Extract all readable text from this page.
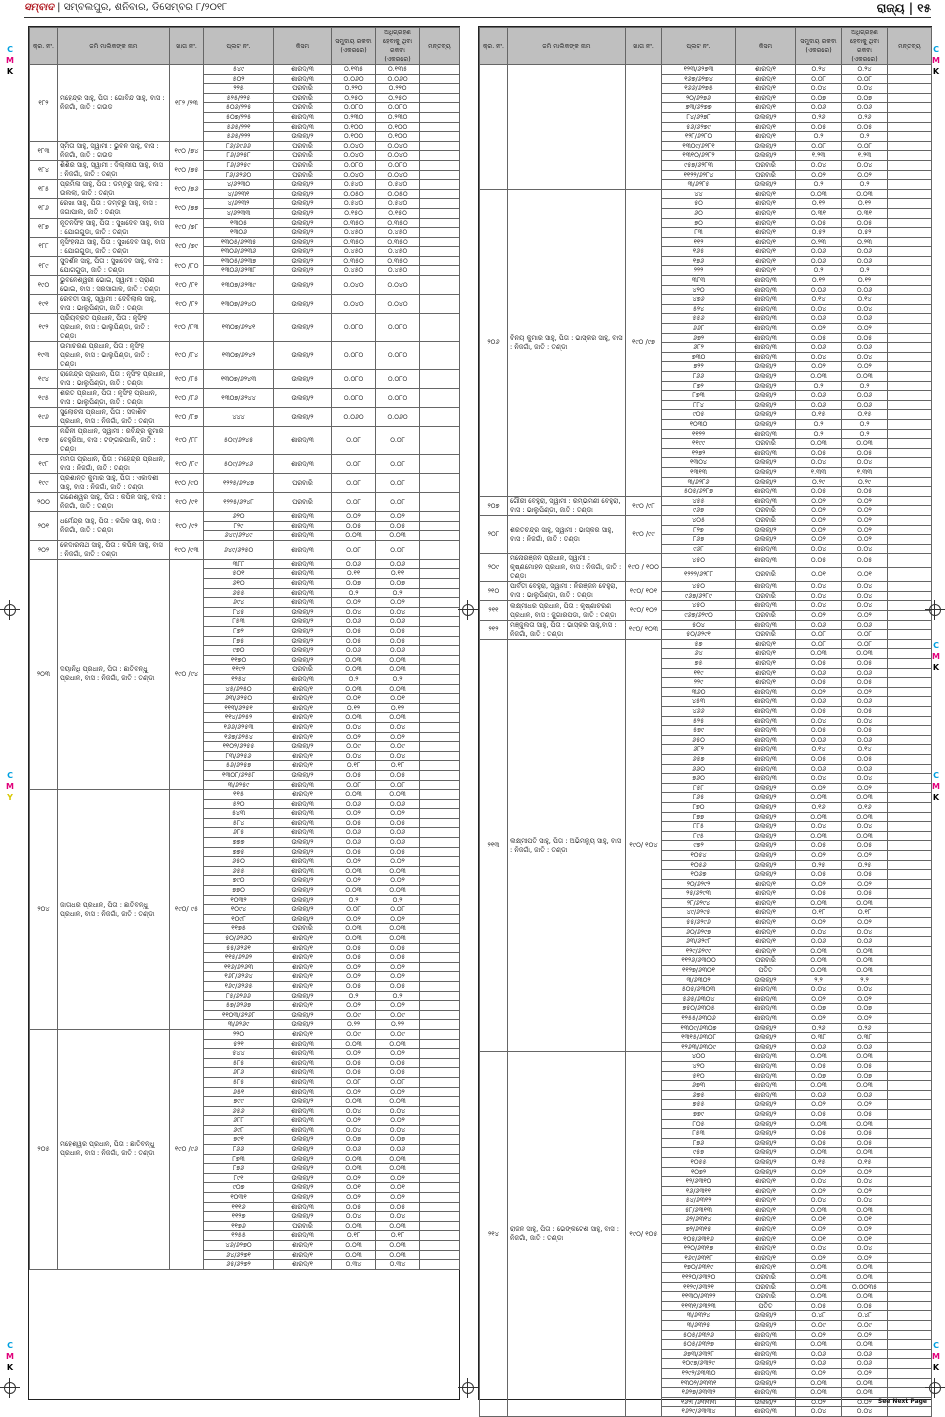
ସମ୍ବାଦ | ସମ୍ବଲପୁର, ଶନିବାର, ଡିସେମ୍ବର ୮/୨୦୧୮	ରାଜ୍ୟ | ୧୫
କ୍ର. ନଂ.	ଜମି ମାଲିକଙ୍କ ନାମ	ଖାତା ନଂ.	ପ୍ଲଟ ନଂ.	କିସମ	ସମୁଦାୟ ରକବା (ଏକରରେ)	ଅଧିଗ୍ରହଣ ହେବାକୁ ଥିବା ରକବା (ଏକରରେ)	ମନ୍ତବ୍ୟ
୧୮୨	ମହେନ୍ଦ୍ର ସାହୁ, ପିତା : ଗୋବିନ୍ଦ ସାହୁ, ବାସ : ନିଜଗାଁ, ଜାତି : ଗଉଡ	୧୮୨ /୨୩	୫୪୯	ଶାରଦ/୩	୦.୧୩୫	୦.୧୩୫	
			୫୦୨	ଶାରଦ/୩	୦.୦୬୦	୦.୦୬୦	
			୨୨୫	ଘରବାରି	୦.୨୨୦	୦.୨୨୦	
			୫୨୫/୨୨୫	ଘରବାରି	୦.୨୫୦	୦.୨୫୦	
			୫୦୬/୨୨୫	ଘରବାରି	୦.୦୮୦	୦.୦୮୦	
			୫୦୭/୨୨୫	ଶାରଦ/୩	୦.୨୩୦	୦.୨୩୦	
			୫୬୫/୨୨୧	ଶାରଦ/୩	୦.୧୦୦	୦.୧୦୦	
			୫୬୫/୨୨୨	ଉଲଲା/୨	୦.୧୦୦	୦.୧୦୦	
୧୮୩	ସ୍ମିତା ସାହୁ, ସ୍ୱାମୀ : ଭୁବନ ସାହୁ, ବାସ : ନିଜଗାଁ, ଜାତି : ଗଉଡ	୧୯୦ /୭୪	୮୬/୬୯୬୬	ଘରବାରି	୦.୦୪୦	୦.୦୪୦	
			୮୬/୬୨୫୮	ଘରବାରି	୦.୦୪୦	୦.୦୪୦	
୧୮୪	ଶିଶିର ସାହୁ, ସ୍ୱାମୀ : ଦିଲ୍ଲୀପ ସାହୁ, ବାସ : ନିଜଗାଁ, ଜାତି : ତଣ୍ଡା	୧୯୦ /୭୫	୮୬/୬୨୫୯	ଘରବାରି	୦.୦୮୦	୦.୦୮୦	
			୮୬/୬୨୬୦	ଘରବାରି	୦.୦୪୦	୦.୦୪୦	
୧୮୫	ପ୍ରମିଳା ସାହୁ, ପିତା : ଡମ୍ବରୁ ସାହୁ, ବାସ : ଉଲଲା, ଜାତି : ତଣ୍ଡା	୧୯୦ /୭୬	୪/୬୨୩୦	ଉଲଲା/୨	୦.୫୪୦	୦.୫୪୦	
			୪/୬୨୩୧	ଉଲଲା/୨	୦.୦୫୦	୦.୦୫୦	
୧୮୬	ରେଖା ସାହୁ, ପିତା : ଡମ୍ବରୁ ସାହୁ, ବାସ : ଜଗାପାଲ, ଜାତି : ତଣ୍ଡା	୧୯୦ /୭୭	୪/୬୨୩୨	ଉଲଲା/୨	୦.୫୪୦	୦.୫୪୦	
			୪/୬୨୩୩	ଉଲଲା/୨	୦.୧୫୦	୦.୧୫୦	
୧୮୭	ନୂତନସିଂହ ସାହୁ, ପିତା : ସୁଖଦେବ ସାହୁ, ବାସ : ଯୋଗଗୁଡା, ଜାତି : ତଣ୍ଡା	୧୯୦ /୭୮	୧୩୦୫	ଉଲଲା/୨	୦.୩୫୦	୦.୩୫୦	
			୧୩୦୬	ଉଲଲା/୨	୦.୪୫୦	୦.୪୫୦	
୧୮୮	ନୃସିଂହନାଥ ସାହୁ, ପିତା : ସୁଖଦେବ ସାହୁ, ବାସ : ଯୋଗଗୁଡା, ଜାତି : ତଣ୍ଡା	୧୯୦ /୭୯	୧୩୦୫/୬୨୩୫	ଉଲଲା/୨	୦.୩୫୦	୦.୩୫୦	
			୧୩୦୬/୬୨୩୬	ଉଲଲା/୨	୦.୪୫୦	୦.୪୫୦	
୧୮୯	ସୁଦର୍ଶନ ସାହୁ, ପିତା : ସୁଖଦେବ ସାହୁ, ବାସ : ଯୋଗଗୁଡା, ଜାତି : ତଣ୍ଡା	୧୯୦ /୮୦	୧୩୦୫/୬୨୩୭	ଉଲଲା/୨	୦.୩୫୦	୦.୩୫୦	
			୧୩୦୬/୬୨୩୮	ଉଲଲା/୨	୦.୪୫୦	୦.୪୫୦	
୧୯୦	ଭୁବନେଶ୍ୱରୀ ଭୋଇ, ସ୍ୱାମୀ : ପ୍ରାଣ ଭୋଇ, ବାସ : ସରସାଗାଳ, ଜାତି : ତଣ୍ଡା	୧୯୦ /୮୧	୧୩୦୭/୬୨୩୯	ଉଲଲା/୨	୦.୦୪୦	୦.୦୪୦	
୧୯୧	ରେବତୀ ସାହୁ, ସ୍ୱାମୀ : ଦେବିଲାଲ ସାହୁ, ବାସ : ଭାଲୁପିଣ୍ଡା, ଜାତି : ତଣ୍ଡା	୧୯୦ /୮୨	୧୩୦୭/୬୨୪୦	ଉଲଲା/୨	୦.୦୪୦	୦.୦୪୦	
୧୯୨	ପ୍ରିୟବ୍ରତ ପ୍ରଧାନ, ପିତା : ନୃସିଂହ ପ୍ରଧାନ, ବାସ : ଭାଲୁପିଣ୍ଡା, ଜାତି : ତଣ୍ଡା	୧୯୦ /୮୩	୧୩୦୭/୬୨୪୧	ଉଲଲା/୨	୦.୦୮୦	୦.୦୮୦	
୧୯୩	ଉମାଚରଣ ପ୍ରଧାନ, ପିତା : ନୃସିଂହ ପ୍ରଧାନ, ବାସ : ଭାଲୁପିଣ୍ଡା, ଜାତି : ତଣ୍ଡା	୧୯୦ /୮୪	୧୩୦୭/୬୨୪୨	ଉଲଲା/୨	୦.୦୮୦	୦.୦୮୦	
୧୯୪	ରାଜେନ୍ଦ୍ର ପ୍ରଧାନ, ପିତା : ନୃସିଂହ ପ୍ରଧାନ, ବାସ : ଭାଲୁପିଣ୍ଡା, ଜାତି : ତଣ୍ଡା	୧୯୦ /୮୫	୧୩୦୭/୬୨୪୩	ଉଲଲା/୨	୦.୦୮୦	୦.୦୮୦	
୧୯୫	ଶରତ ପ୍ରଧାନ, ପିତା : ନୃସିଂହ ପ୍ରଧାନ, ବାସ : ଭାଲୁପିଣ୍ଡା, ଜାତି : ତଣ୍ଡା	୧୯୦ /୮୬	୧୩୦୭/୬୨୪୪	ଉଲଲା/୨	୦.୦୮୦	୦.୦୮୦	
୧୯୬	ସୁଲୋଚନା ପ୍ରଧାନ, ପିତା : ସଦାଶିବ ପ୍ରଧାନ, ବାସ : ନିଜଗାଁ, ଜାତି : ତଣ୍ଡା	୧୯୦ /୮୭	୪୪୪	ଉଲଲା/୨	୦.୦୬୦	୦.୦୬୦	
୧୯୭	ନନ୍ଦିନୀ ପ୍ରଧାନ, ସ୍ୱାମୀ : ରବିନ୍ଦ୍ର କୁମାର ବେହୁରିଆ, ବାସ : ଟଙ୍ଗରପାଲି, ଜାତି : ତଣ୍ଡା	୧୯୦ /୮୮	୫୦୯/୬୨୪୫	ଶାରଦ/୩	୦.୦୮	୦.୦୮	
୧୯୮	ମମତା ପ୍ରଧାନ, ପିତା : ମହେନ୍ଦ୍ର ପ୍ରଧାନ, ବାସ : ନିଜଗାଁ, ଜାତି : ତଣ୍ଡା	୧୯୦ /୮୯	୫୦୯/୬୨୪୬	ଶାରଦ/୩	୦.୦୮	୦.୦୮	
୧୯୯	ପ୍ରଶାନ୍ତ କୁମାର ସାହୁ, ପିତା : ଏକାଦଶୀ ସାହୁ, ବାସ : ନିଜଗାଁ, ଜାତି : ତଣ୍ଡା	୧୯୦ /୯୦	୧୨୨୫/୬୨୪୭	ଘରବାରି	୦.୦୮	୦.୦୮	
୨୦୦	ଗଣେଶ୍ୱର ସାହୁ, ପିତା : କପିଳ ସାହୁ, ବାସ : ନିଜଗାଁ, ଜାତି : ତଣ୍ଡା	୧୯୦ /୯୧	୧୨୨୫/୬୨୪୮	ଘରବାରି	୦.୦୮	୦.୦୮	
୨୦୧	ଧର୍ମେନ୍ଦ୍ର ସାହୁ, ପିତା : କପିଳ ସାହୁ, ବାସ : ନିଜଗାଁ, ଜାତି : ତଣ୍ଡା	୧୯୦ /୯୨	୬୨୦	ଶାରଦ/୩	୦.୦୨	୦.୦୨	
			୮୨୯	ଶାରଦ/୩	୦.୦୫	୦.୦୫	
			୬୪୯/୬୨୪୯	ଶାରଦ/୩	୦.୦୩	୦.୦୩	
୨୦୨	କେଦାରନାଥ ସାହୁ, ପିତା : କପିଳ ସାହୁ, ବାସ : ନିଜଗାଁ, ଜାତି : ତଣ୍ଡା	୧୯୦ /୯୩	୬୪୯/୬୨୫୦	ଶାରଦ/୩	୦.୦୮	୦.୦୮	
୨୦୩	ଦୟାନିଧି ପ୍ରଧାନ, ପିତା : ଛାତିବନ୍ଧୁ ପ୍ରଧାନ, ବାସ : ନିଜଗାଁ, ଜାତି : ତଣ୍ଡା	୧୯୦ /୯୪	୩୮୮	ଶାରଦ/୩	୦.୦୬	୦.୦୬	
			୫୦୧	ଶାରଦ/୩	୦.୧୧	୦.୧୧	
			୬୧୦	ଶାରଦ/୩	୦.୦୭	୦.୦୭	
			୬୫୫	ଶାରଦ/୩	୦.୨	୦.୨	
			୬୯୪	ଶାରଦ/୩	୦.୦୨	୦.୦୨	
			୮୪୫	ଉଲଲା/୨	୦.୦୪	୦.୦୪	
			୮୫୩	ଉଲଲା/୨	୦.୦୬	୦.୦୬	
			୮୭୨	ଉଲଲା/୨	୦.୦୫	୦.୦୫	
			୮୭୫	ଉଲଲା/୨	୦.୦୫	୦.୦୫	
			୯୭୦	ଉଲଲା/୨	୦.୦୬	୦.୦୬	
			୧୧୭୦	ଉଲଲା/୨	୦.୦୩	୦.୦୩	
			୧୧୯୨	ଘରବାରି	୦.୦୩	୦.୦୩	
			୧୨୫୪	ଶାରଦ/୩	୦.୨	୦.୨	
			୪୫/୬୨୫୦	ଶାରଦ/୧	୦.୦୩	୦.୦୩	
			୬୩/୬୨୫୦	ଶାରଦ/୧	୦.୦୧	୦.୦୧	
			୧୧୩/୬୨୫୧	ଶାରଦ/୧	୦.୧୨	୦.୧୨	
			୧୧୪/୬୨୫୨	ଶାରଦ/୧	୦.୦୩	୦.୦୩	
			୧୬୬/୬୨୫୩	ଶାରଦ/୧	୦.୦୪	୦.୦୪	
			୧୬୭/୬୨୫୪	ଶାରଦ/୧	୦.୦୨	୦.୦୨	
			୧୧୦୨/୬୨୫୫	ଉଲଲା/୨	୦.୦୯	୦.୦୯	
			୮୩/୬୨୫୬	ଶାରଦ/୧	୦.୦୪	୦.୦୪	
			୫୬/୬୨୫୭	ଶାରଦ/୧	୦.୧୮	୦.୧୮	
			୧୩୦୮/୬୨୫୮	ଉଲଲା/୨	୦.୦୫	୦.୦୫	
			୩/୬୨୫୯	ଶାରଦ/୩	୦.୦୮	୦.୦୮	
୨୦୪	ଜାତାଧର ପ୍ରଧାନ, ପିତା : ଛାତିବନ୍ଧୁ ପ୍ରଧାନ, ବାସ : ନିଜଗାଁ, ଜାତି : ତଣ୍ଡା	୧୯୦/ ୯୫	୧୧୫	ଶାରଦ/୧	୦.୦୩	୦.୦୩	
			୫୨୦	ଶାରଦ/୩	୦.୦୬	୦.୦୬	
			୫୪୩	ଶାରଦ/୩	୦.୦୨	୦.୦୨	
			୫୮୪	ଶାରଦ/୩	୦.୦୫	୦.୦୫	
			୬୮୫	ଶାରଦ/୩	୦.୦୬	୦.୦୬	
			୭୭୭	ଉଲଲା/୨	୦.୦୬	୦.୦୬	
			୭୭୫	ଉଲଲା/୨	୦.୦୫	୦.୦୫	
			୬୫୦	ଶାରଦ/୩	୦.୦୨	୦.୦୨	
			୬୫୫	ଶାରଦ/୩	୦.୦୩	୦.୦୩	
			୭୯୦	ଉଲଲା/୨	୦.୦୨	୦.୦୨	
			୭୭୦	ଉଲଲା/୨	୦.୦୩	୦.୦୩	
			୧୦୩୨	ଉଲଲା/୨	୦.୨	୦.୨	
			୧୦୯୪	ଉଲଲା/୨	୦.୦୮	୦.୦୮	
			୧୦୯୮	ଉଲଲା/୨	୦.୦୨	୦.୦୨	
			୧୧୭୫	ଘରବାରି	୦.୦୩	୦.୦୩	
			୫୦/୬୨୬୦	ଶାରଦ/୧	୦.୦୩	୦.୦୩	
			୫୫/୬୨୬୧	ଶାରଦ/୧	୦.୦୫	୦.୦୫	
			୧୧୫/୬୨୬୨	ଶାରଦ/୧	୦.୦୫	୦.୦୫	
			୧୧୬/୬୨୬୩	ଶାରଦ/୧	୦.୦୨	୦.୦୨	
			୧୬୮/୬୨୬୪	ଶାରଦ/୧	୦.୦୨	୦.୦୨	
			୧୬୯/୬୨୬୫	ଶାରଦ/୧	୦.୦୫	୦.୦୫	
			୮୫/୬୨୬୬	ଉଲଲା/୨	୦.୨	୦.୨	
			୫୭/୬୨୬୭	ଶାରଦ/୧	୦.୦୨	୦.୦୨	
			୧୧୦୩/୬୨୬୮	ଉଲଲା/୨	୦.୦୯	୦.୦୯	
			୩/୬୨୬୯	ଉଲଲା/୨	୦.୨୨	୦.୨୨	
୨୦୫	ମହେଶ୍ୱର ପ୍ରଧାନ, ପିତା : ଛାତିବନ୍ଧୁ ପ୍ରଧାନ, ବାସ : ନିଜଗାଁ, ଜାତି : ତଣ୍ଡା	୧୯୦ /୯୬	୨୨୦	ଶାରଦ/୧	୦.୦୯	୦.୦୯	
			୫୨୧	ଶାରଦ/୩	୦.୦୩	୦.୦୩	
			୫୪୪	ଶାରଦ/୩	୦.୦୨	୦.୦୨	
			୫୮୫	ଶାରଦ/୩	୦.୦୫	୦.୦୫	
			୬୮୬	ଶାରଦ/୩	୦.୦୫	୦.୦୫	
			୫୮୫	ଶାରଦ/୩	୦.୦୮	୦.୦୮	
			୬୫୧	ଶାରଦ/୩	୦.୦୨	୦.୦୨	
			୭୯୯	ଉଲଲା/୨	୦.୦୩	୦.୦୩	
			୬୫୬	ଶାରଦ/୩	୦.୦୪	୦.୦୪	
			୬୮୮	ଶାରଦ/୩	୦.୦୨	୦.୦୨	
			୬୯୮	ଶାରଦ/୩	୦.୦୪	୦.୦୪	
			୭୯୧	ଉଲଲା/୨	୦.୦୭	୦.୦୭	
			୮୬୬	ଉଲଲା/୨	୦.୦୬	୦.୦୬	
			୮୭୩	ଉଲଲା/୨	୦.୦୩	୦.୦୩	
			୮୭୬	ଉଲଲା/୨	୦.୦୩	୦.୦୩	
			୮୯୧	ଉଲଲା/୨	୦.୦୨	୦.୦୨	
			୯୦୭	ଉଲଲା/୨	୦.୦୧	୦.୦୧	
			୧୦୩୧	ଉଲଲା/୨	୦.୦୨	୦.୦୨	
			୧୧୧୬	ଶାରଦ/୩	୦.୦୫	୦.୦୫	
			୧୧୨୭	ଉଲଲା/୨	୦.୦୪	୦.୦୪	
			୧୧୭୬	ଘରବାରି	୦.୦୩	୦.୦୩	
			୧୨୫୫	ଶାରଦ/୩	୦.୧୮	୦.୧୮	
			୪୬/୬୨୭୦	ଶାରଦ/୧	୦.୦୩	୦.୦୩	
			୬୪/୬୨୭୧	ଶାରଦ/୧	୦.୦୩	୦.୦୩	
			୬୫/୬୨୭୨	ଶାରଦ/୧	୦.୩୪	୦.୩୪	
କ୍ର. ନଂ.	ଜମି ମାଲିକଙ୍କ ନାମ	ଖାତା ନଂ.	ପ୍ଲଟ ନଂ.	କିସମ	ସମୁଦାୟ ରକବା (ଏକରରେ)	ଅଧିଗ୍ରହଣ ହେବାକୁ ଥିବା ରକବା (ଏକରରେ)	ମନ୍ତବ୍ୟ
			୧୨୩/୬୨୭୩	ଶାରଦ/୧	୦.୨୪	୦.୨୪	
			୧୬୭/୬୨୭୪	ଶାରଦ/୧	୦.୦୮	୦.୦୮	
			୧୬୬/୬୨୭୫	ଶାରଦ/୧	୦.୦୪	୦.୦୪	
			୨୦/୬୨୭୬	ଶାରଦ/୧	୦.୦୭	୦.୦୭	
			୭୩/୬୨୭୭	ଶାରଦ/୧	୦.୦୬	୦.୦୬	
			୮୪/୬୨୭୮	ଉଲଲା/୨	୦.୨୬	୦.୨୬	
			୫୬/୬୨୭୯	ଶାରଦ/୧	୦.୦୫	୦.୦୫	
			୧୨୮/୬୨୮୦	ଶାରଦ/୧	୦.୨	୦.୨	
			୧୩୦୯/୬୨୮୧	ଉଲଲା/୨	୦.୦୮	୦.୦୮	
			୧୩୧୦/୬୨୮୨	ଉଲଲା/୨	୧.୨୩	୧.୨୩	
			୯୫୭/୬୨୮୩	ଘରବାରି	୦.୦୪	୦.୦୪	
			୧୧୨୨/୬୨୮୪	ଘରବାରି	୦.୦୨	୦.୦୨	
			୩/୬୨୮୫	ଉଲଲା/୨	୦.୨	୦.୨	
୨୦୬	ବିନୟ କୁମାର ସାହୁ, ପିତା : ଭାସ୍କର ସାହୁ, ବାସ : ନିଜଗାଁ, ଜାତି : ତଣ୍ଡା	୧୯୦ /୯୭	୪୪	ଶାରଦ/୧	୦.୦୩	୦.୦୩	
			୫୦	ଶାରଦ/୧	୦.୧୨	୦.୧୨	
			୬୦	ଶାରଦ/୧	୦.୩୧	୦.୩୧	
			୭୦	ଶାରଦ/୧	୦.୦୫	୦.୦୫	
			୮୩	ଶାରଦ/୧	୦.୫୨	୦.୫୨	
			୧୧୨	ଶାରଦ/୧	୦.୨୩	୦.୨୩	
			୧୬୫	ଶାରଦ/୧	୦.୦୬	୦.୦୬	
			୧୭୬	ଶାରଦ/୧	୦.୦୬	୦.୦୬	
			୨୨୨	ଶାରଦ/୧	୦.୨	୦.୨	
			୩୮୩	ଶାରଦ/୩	୦.୧୨	୦.୧୨	
			୪୨୦	ଶାରଦ/୩	୦.୦୬	୦.୦୬	
			୪୭୬	ଶାରଦ/୩	୦.୧୪	୦.୧୪	
			୫୨୪	ଶାରଦ/୩	୦.୦୪	୦.୦୪	
			୫୫୬	ଶାରଦ/୩	୦.୦୬	୦.୦୬	
			୬୬୮	ଶାରଦ/୩	୦.୦୨	୦.୦୨	
			୬୭୨	ଶାରଦ/୩	୦.୦୫	୦.୦୫	
			୬୮୨	ଶାରଦ/୩	୦.୦୬	୦.୦୬	
			୭୩୦	ଶାରଦ/୩	୦.୦୪	୦.୦୪	
			୭୨୨	ଉଲଲା/୨	୦.୦୨	୦.୦୨	
			୮୬୬	ଉଲଲା/୨	୦.୦୩	୦.୦୩	
			୮୭୨	ଉଲଲା/୨	୦.୨	୦.୨	
			୮୭୩	ଉଲଲା/୨	୦.୦୬	୦.୦୬	
			୮୮୪	ଉଲଲା/୨	୦.୦୬	୦.୦୬	
			୯୦୫	ଉଲଲା/୨	୦.୧୫	୦.୧୫	
			୧୦୩୦	ଉଲଲା/୨	୦.୨	୦.୨	
			୧୧୨୨	ଶାରଦ/୩	୦.୨	୦.୨	
			୧୧୯୯	ଘରବାରି	୦.୦୩	୦.୦୩	
			୧୨୭୨	ଶାରଦ/୩	୦.୦୫	୦.୦୫	
			୧୩୦୪	ଉଲଲା/୨	୦.୦୪	୦.୦୪	
			୧୩୧୩	ଉଲଲା/୨	୧.୩୩	୧.୩୩	
			୩/୬୨୮୬	ଉଲଲା/୨	୦.୨୯	୦.୨୯	
			୫୦୫/୬୨୮୭	ଶାରଦ/୩	୦.୦୫	୦.୦୫	
୨୦୭	ଗୌରୀ ବେହୁରା, ସ୍ୱାମୀ : ରମ୍ଭମଣୀ ବେହୁରା, ବାସ : ଭାଲୁପିଣ୍ଡା, ଜାତି : ତଣ୍ଡା	୧୯୦ /୯୮	୪୫୫	ଶାରଦ/୩	୦.୦୨	୦.୦୨	
			୯୬୭	ଘରବାରି	୦.୦୨	୦.୦୨	
୨୦୮	ଶରତଚନ୍ଦ୍ର ସାହୁ, ସ୍ୱାମୀ : ଭାସ୍କର ସାହୁ, ବାସ : ନିଜଗାଁ, ଜାତି : ତଣ୍ଡା	୧୯୦ /୯୯	୪୦୫	ଘରବାରି	୦.୦୨	୦.୦୨	
			୮୨୭	ଉଲଲା/୨	୦.୦୨	୦.୦୨	
			୮୬୭	ଉଲଲା/୨	୦.୦୨	୦.୦୨	
			୯୬୮	ଶାରଦ/୩	୦.୦୪	୦.୦୪	
୨୦୯	ମନୋରଞ୍ଜନ ପ୍ରଧାନ, ସ୍ୱାମୀ : କୃଷ୍ଣମୋହନ ପ୍ରଧାନ, ବାସ : ନିଜଗାଁ, ଜାତି : ତଣ୍ଡା	୧୯୦ / ୧୦୦	୪୫୦	ଶାରଦ/୩	୦.୦୫	୦.୦୫	
			୧୨୨୨/୬୨୮୮	ଘରବାରି	୦.୦୧	୦.୦୧	
୨୧୦	ପାର୍ବତୀ ବେହୁରା, ସ୍ୱାମୀ : ନିରଞ୍ଜନ ବେହୁରା, ବାସ : ଭାଲୁପିଣ୍ଡା, ଜାତି : ତଣ୍ଡା	୧୯୦/ ୧୦୧	୪୫୦	ଶାରଦ/୩	୦.୦୪	୦.୦୪	
			୯୬୭/୬୨୮୯	ଘରବାରି	୦.୦୪	୦.୦୪	
୨୧୧	ଲକ୍ଷ୍ମୀଧର ପ୍ରଧାନ, ପିତା : କୃଷ୍ଣାଚରଣ ପ୍ରଧାନ, ବାସ : ଜୁଗାରପଡା, ଜାତି : ତଣ୍ଡା	୧୯୦/ ୧୦୨	୪୫୦	ଶାରଦ/୩	୦.୦୪	୦.୦୪	
			୯୬୭/୬୨୯୦	ଘରବାରି	୦.୦୨	୦.୦୨	
୨୧୨	ମଞ୍ଜୁଲତା ସାହୁ, ପିତା : ଭାସ୍କର ସାହୁ,ବାସ : ନିଜଗାଁ, ଜାତି : ତଣ୍ଡା	୧୯୦/ ୧୦୩	୫୦୪	ଶାରଦ/୩	୦.୦୬	୦.୦୬	
			୫୦/୬୨୯୧	ଘରବାରି	୦.୦୮	୦.୦୮	
୨୧୩	ଲକ୍ଷ୍ମୀପତି ସାହୁ, ପିତା : ଅଭିମନ୍ୟୁ ସାହୁ, ବାସ : ନିଜଗାଁ, ଜାତି : ତଣ୍ଡା	୧୯୦/ ୧୦୪	୫୭	ଶାରଦ/୧	୦.୦୮	୦.୦୮	
			୬୪	ଶାରଦ/୧	୦.୦୩	୦.୦୩	
			୭୫	ଶାରଦ/୧	୦.୦୫	୦.୦୫	
			୧୧୯	ଶାରଦ/୧	୦.୦୬	୦.୦୬	
			୨୨୯	ଶାରଦ/୧	୦.୦୫	୦.୦୫	
			୩୬୦	ଶାରଦ/୩	୦.୦୨	୦.୦୨	
			୪୫୩	ଶାରଦ/୩	୦.୦୬	୦.୦୬	
			୪୬୬	ଶାରଦ/୩	୦.୦୫	୦.୦୫	
			୫୨୫	ଶାରଦ/୩	୦.୦୪	୦.୦୪	
			୫୭୯	ଶାରଦ/୩	୦.୦୫	୦.୦୫	
			୬୫୦	ଶାରଦ/୩	୦.୦୬	୦.୦୬	
			୬୮୨	ଶାରଦ/୩	୦.୧୪	୦.୧୪	
			୬୫୭	ଶାରଦ/୩	୦.୦୫	୦.୦୫	
			୬୬୦	ଶାରଦ/୩	୦.୦୬	୦.୦୬	
			୭୬୦	ଶାରଦ/୩	୦.୦୪	୦.୦୪	
			୮୫୮	ଉଲଲା/୨	୦.୦୨	୦.୦୨	
			୮୬୫	ଉଲଲା/୨	୦.୦୩	୦.୦୩	
			୮୭୦	ଉଲଲା/୨	୦.୧୬	୦.୧୬	
			୮୭୭	ଉଲଲା/୨	୦.୦୩	୦.୦୩	
			୮୮୫	ଉଲଲା/୨	୦.୦୪	୦.୦୪	
			୮୯୫	ଉଲଲା/୨	୦.୦୩	୦.୦୩	
			୯୭୨	ଉଲଲା/୨	୦.୦୫	୦.୦୫	
			୧୦୫୪	ଉଲଲା/୨	୦.୦୨	୦.୦୨	
			୧୦୫୬	ଉଲଲା/୨	୦.୨୫	୦.୨୫	
			୧୦୬୭	ଉଲଲା/୨	୦.୦୫	୦.୦୫	
			୨୦/୬୨୯୨	ଶାରଦ/୧	୦.୦୨	୦.୦୨	
			୨୫/୬୨୯୩	ଶାରଦ/୧	୦.୦୫	୦.୦୫	
			୨୮/୬୨୯୪	ଶାରଦ/୧	୦.୦୩	୦.୦୩	
			୪୯/୬୨୯୫	ଶାରଦ/୧	୦.୧୮	୦.୧୮	
			୫୫/୬୨୯୬	ଶାରଦ/୧	୦.୦୨	୦.୦୨	
			୬୦/୬୨୯୭	ଶାରଦ/୧	୦.୦୪	୦.୦୪	
			୬୩/୬୨୯୮	ଶାରଦ/୧	୦.୦୬	୦.୦୬	
			୧୨୯/୬୨୯୯	ଶାରଦ/୧	୦.୦୩	୦.୦୩	
			୧୧୨୬/୬୩୦୦	ଘରବାରି	୦.୦୩	୦.୦୩	
			୧୧୨୭/୬୩୦୧	ପତିତ	୦.୦୩	୦.୦୩	
			୩/୬୩୦୨	ଉଲଲା/୨	୨.୨	୨.୨	
			୫୦୫/୬୩୦୩	ଶାରଦ/୩	୦.୦୪	୦.୦୪	
			୫୬୫/୬୩୦୪	ଶାରଦ/୩	୦.୦୨	୦.୦୨	
			୭୫୦/୬୩୦୫	ଶାରଦ/୩	୦.୦୭	୦.୦୭	
			୧୨୫୫/୬୩୦୬	ଶାରଦ/୩	୦.୦୨	୦.୦୨	
			୧୩୦୯/୬୩୦୭	ଉଲଲା/୨	୦.୨୬	୦.୨୬	
			୧୩୧୫/୬୩୦୮	ଉଲଲା/୨	୦.୩୮	୦.୩୮	
			୧୨୬୩/୬୩୦୯	ଉଲଲା/୨	୦.୦୬	୦.୦୬	
୨୧୪	ରାଜନ ସାହୁ, ପିତା : ଭେଙ୍କଟେଶ ସାହୁ, ବାସ : ନିଜଗାଁ, ଜାତି : ତଣ୍ଡା	୧୯୦/ ୧୦୫	୪୦୦	ଶାରଦ/୩	୦.୦୩	୦.୦୩	
			୪୨୦	ଶାରଦ/୩	୦.୦୫	୦.୦୫	
			୫୧୦	ଶାରଦ/୩	୦.୦୭	୦.୦୭	
			୬୭୩	ଶାରଦ/୩	୦.୦୩	୦.୦୩	
			୬୭୫	ଶାରଦ/୩	୦.୦୬	୦.୦୬	
			୭୫୫	ଉଲଲା/୨	୦.୦୨	୦.୦୨	
			୭୭୯	ଉଲଲା/୨	୦.୦୫	୦.୦୫	
			୮୦୫	ଉଲଲା/୨	୦.୦୩	୦.୦୩	
			୮୫୩	ଉଲଲା/୨	୦.୦୫	୦.୦୫	
			୮୭୬	ଉଲଲା/୨	୦.୦୫	୦.୦୫	
			୯୫୭	ଉଲଲା/୨	୦.୦୩	୦.୦୩	
			୧୦୫୫	ଉଲଲା/୨	୦.୧୫	୦.୧୫	
			୧୦୭୨	ଉଲଲା/୨	୦.୦୨	୦.୦୨	
			୧୨/୬୩୧୦	ଶାରଦ/୧	୦.୦୪	୦.୦୪	
			୧୬/୬୩୧୧	ଶାରଦ/୧	୦.୦୨	୦.୦୨	
			୫୪/୬୩୧୨	ଶାରଦ/୧	୦.୦୪	୦.୦୪	
			୫୮/୬୩୧୩	ଶାରଦ/୧	୦.୦୩	୦.୦୩	
			୬୨/୬୩୧୪	ଶାରଦ/୧	୦.୦୧	୦.୦୧	
			୭୨/୬୩୧୫	ଶାରଦ/୧	୦.୦୨	୦.୦୨	
			୧୦୫/୬୩୧୬	ଶାରଦ/୧	୦.୦୧	୦.୦୧	
			୧୨୦/୬୩୧୭	ଶାରଦ/୧	୦.୦୪	୦.୦୪	
			୧୬୯/୬୩୧୮	ଶାରଦ/୧	୦.୦୨	୦.୦୨	
			୧୭୦/୬୩୧୯	ଶାରଦ/୧	୦.୦୩	୦.୦୩	
			୧୧୨୦/୬୩୨୦	ଘରବାରି	୦.୦୩	୦.୦୩	
			୧୧୨୯/୬୩୨୧	ଘରବାରି	୦.୦୩	୦.୦୦୩୫	
			୧୧୩୦/୬୩୨୨	ଘରବାରି	୦.୦୩	୦.୦୩	
			୧୧୩୧/୬୩୨୩	ପତିତ	୦.୦୫	୦.୦୫	
			୩/୬୩୨୪	ଉଲଲା/୨	୦.୪୮	୦.୪୮	
			୩/୬୩୨୫	ଉଲଲା/୨	୦.୦୯	୦.୦୯	
			୫୦୫/୬୩୨୬	ଶାରଦ/୩	୦.୦୨	୦.୦୨	
			୫୦୫/୬୩୨୭	ଶାରଦ/୩	୦.୦୩	୦.୦୩	
			୬୭୩/୬୩୨୮	ଶାରଦ/୩	୦.୦୬	୦.୦୬	
			୧୦୯୭/୬୩୨୯	ଉଲଲା/୨	୦.୦୬	୦.୦୬	
			୧୨୯୨/୬୩୩୦	ଶାରଦ/୩	୦.୦୨	୦.୦୨	
			୧୩୦୨/୬୩୩୧	ଉଲଲା/୨	୦.୦୩	୦.୦୩	
			୧୬୨୭/୬୩୩୨	ଶାରଦ/୩	୦.୦୩	୦.୦୩	
			୧୬୨୮/୬୩୩୩	ଉଲଲା/୨	୦.୦୨	୦.୦୨	
			୧୬୨୯/୬୩୩୪	ଶାରଦ/୩	୦.୦୪	୦.୦୪	
C
M
K
C
M
K
C
M
Y
C
M
K
C
M
K
C
M
K
C
M
K
See Next Page
